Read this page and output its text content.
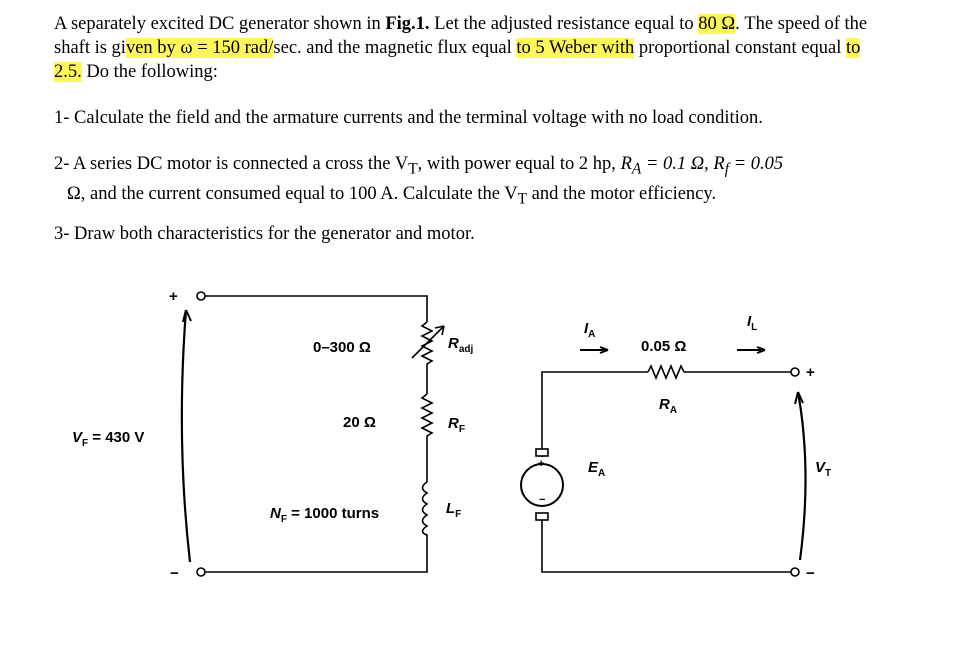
A separately excited DC generator shown in Fig.1. Let the adjusted resistance equal to 80 Ω. The speed of the shaft is given by ω = 150 rad/sec. and the magnetic flux equal to 5 Weber with proportional constant equal to 2.5. Do the following:
1- Calculate the field and the armature currents and the terminal voltage with no load condition.
2- A series DC motor is connected a cross the $V_T$, with power equal to 2 hp, $R_A = 0.1$ Ω, $R_f = 0.05$
Ω, and the current consumed equal to 100 A. Calculate the $V_T$ and the motor efficiency.
3- Draw both characteristics for the generator and motor.
+
−
$V_F = 430$ V
0–300 Ω	$R_{adj}$
20 Ω	$R_F$
$N_F = 1000$ turns	$L_F$
$I_A$
0.05 Ω
$R_A$
$I_L$
+
−
+
−
$E_A$	$V_T$
